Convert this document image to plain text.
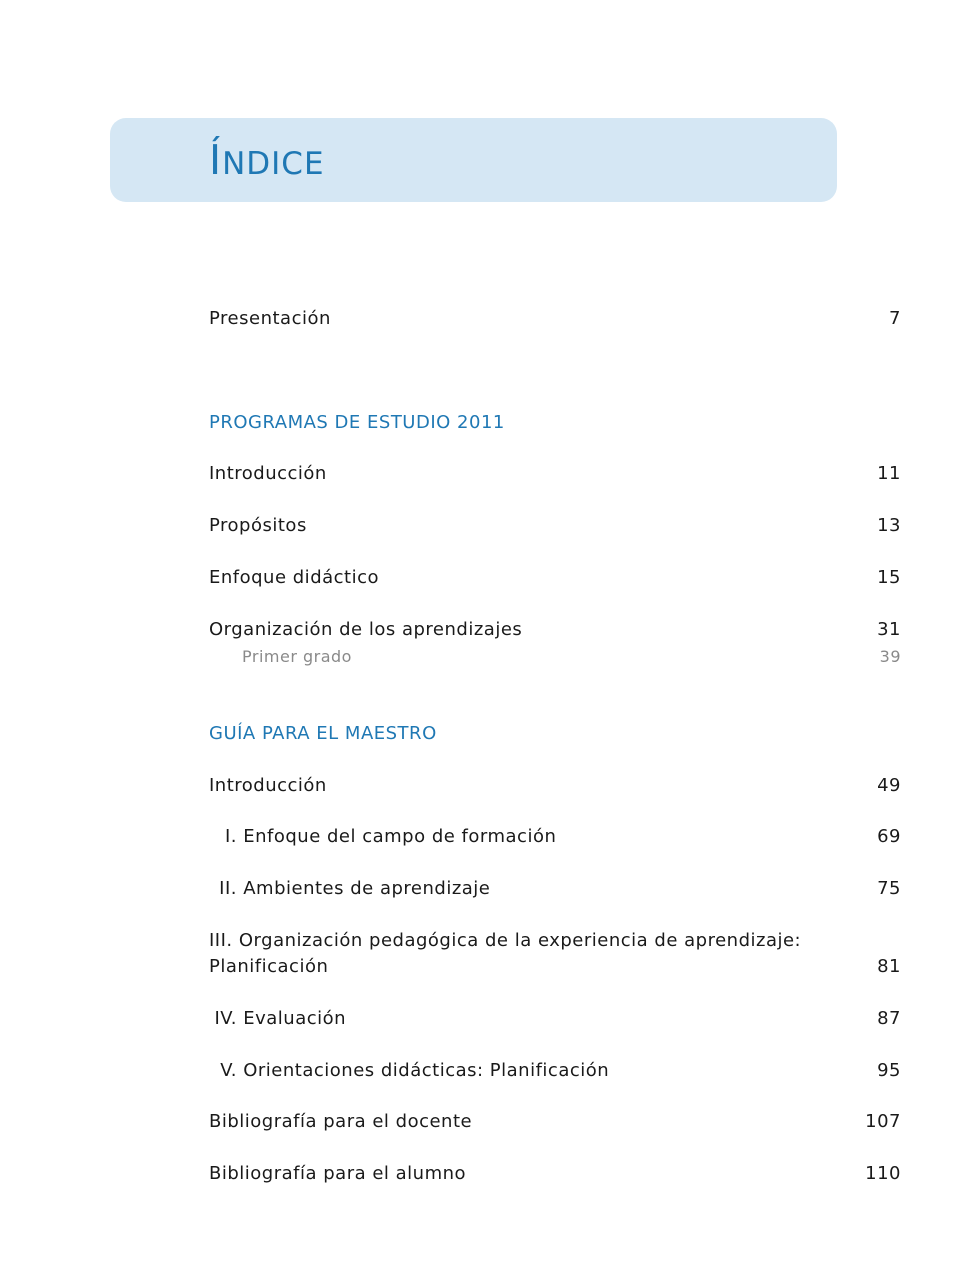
ÍNDICE
Presentación	7
PROGRAMAS DE ESTUDIO 2011
Introducción	11
Propósitos	13
Enfoque didáctico	15
Organización de los aprendizajes	31
Primer grado	39
GUÍA PARA EL MAESTRO
Introducción	49
I. Enfoque del campo de formación	69
II. Ambientes de aprendizaje	75
III. Organización pedagógica de la experiencia de aprendizaje:
Planificación	81
IV. Evaluación	87
V. Orientaciones didácticas: Planificación	95
Bibliografía para el docente	107
Bibliografía para el alumno	110
